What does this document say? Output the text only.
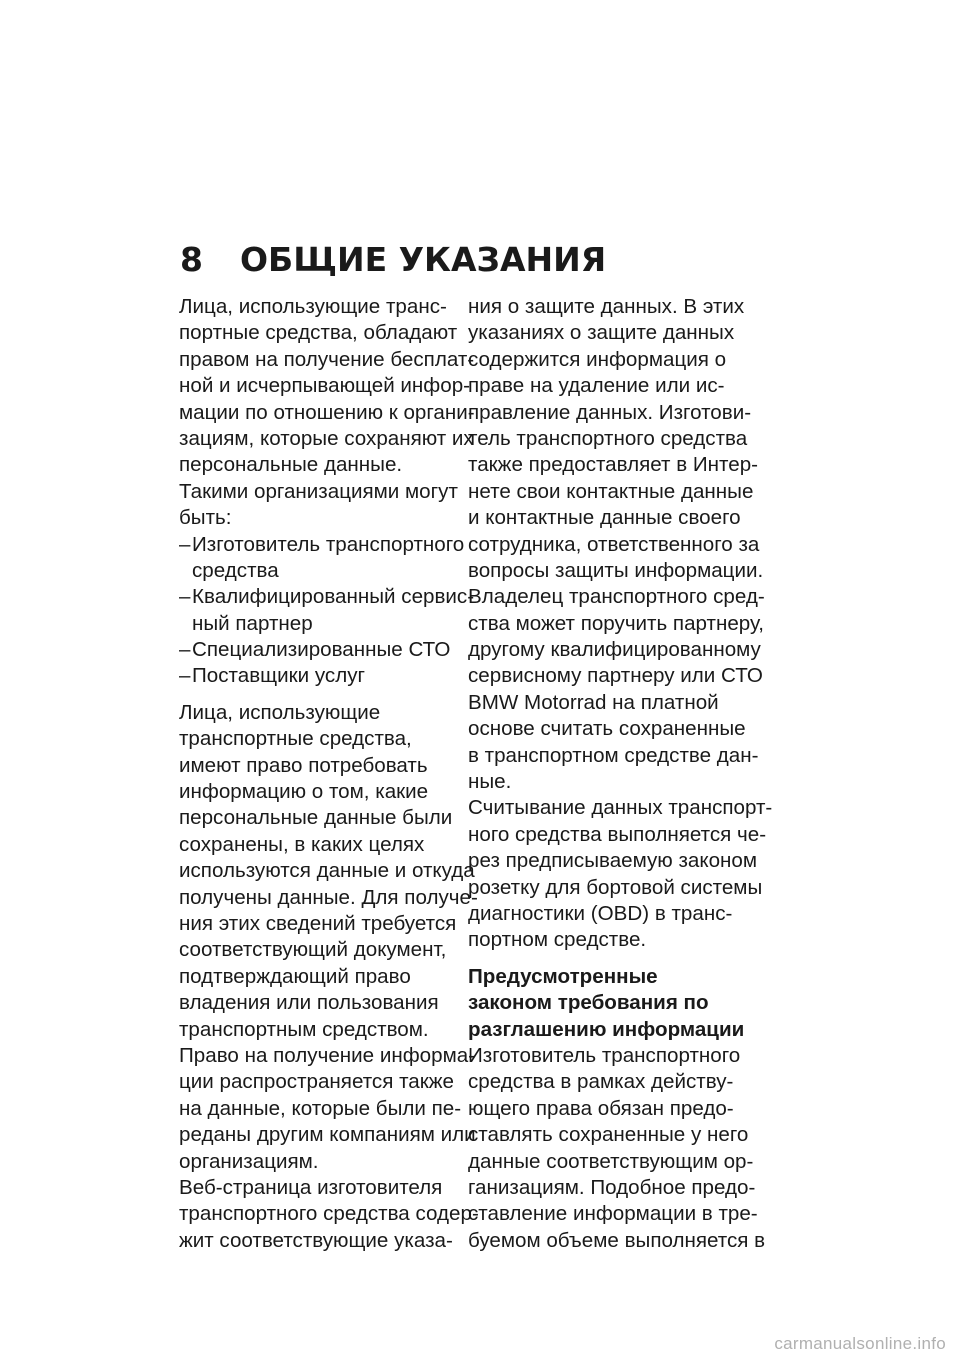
8 ОБЩИЕ УКАЗАНИЯ
Лица, использующие транс-
портные средства, обладают
правом на получение бесплат-
ной и исчерпывающей инфор-
мации по отношению к органи-
зациям, которые сохраняют их
персональные данные.
Такими организациями могут
быть:
– Изготовитель транспортного
средства
– Квалифицированный сервис-
ный партнер
– Специализированные СТО
– Поставщики услуг
Лица, использующие
транспортные средства,
имеют право потребовать
информацию о том, какие
персональные данные были
сохранены, в каких целях
используются данные и откуда
получены данные. Для получе-
ния этих сведений требуется
соответствующий документ,
подтверждающий право
владения или пользования
транспортным средством.
Право на получение информа-
ции распространяется также
на данные, которые были пе-
реданы другим компаниям или
организациям.
Веб-страница изготовителя
транспортного средства содер-
жит соответствующие указа-
ния о защите данных. В этих
указаниях о защите данных
содержится информация о
праве на удаление или ис-
правление данных. Изготови-
тель транспортного средства
также предоставляет в Интер-
нете свои контактные данные
и контактные данные своего
сотрудника, ответственного за
вопросы защиты информации.
Владелец транспортного сред-
ства может поручить партнеру,
другому квалифицированному
сервисному партнеру или СТО
BMW Motorrad на платной
основе считать сохраненные
в транспортном средстве дан-
ные.
Считывание данных транспорт-
ного средства выполняется че-
рез предписываемую законом
розетку для бортовой системы
диагностики (OBD) в транс-
портном средстве.
Предусмотренные
законом требования по
разглашению информации
Изготовитель транспортного
средства в рамках действу-
ющего права обязан предо-
ставлять сохраненные у него
данные соответствующим ор-
ганизациям. Подобное предо-
ставление информации в тре-
буемом объеме выполняется в
carmanualsonline.info
